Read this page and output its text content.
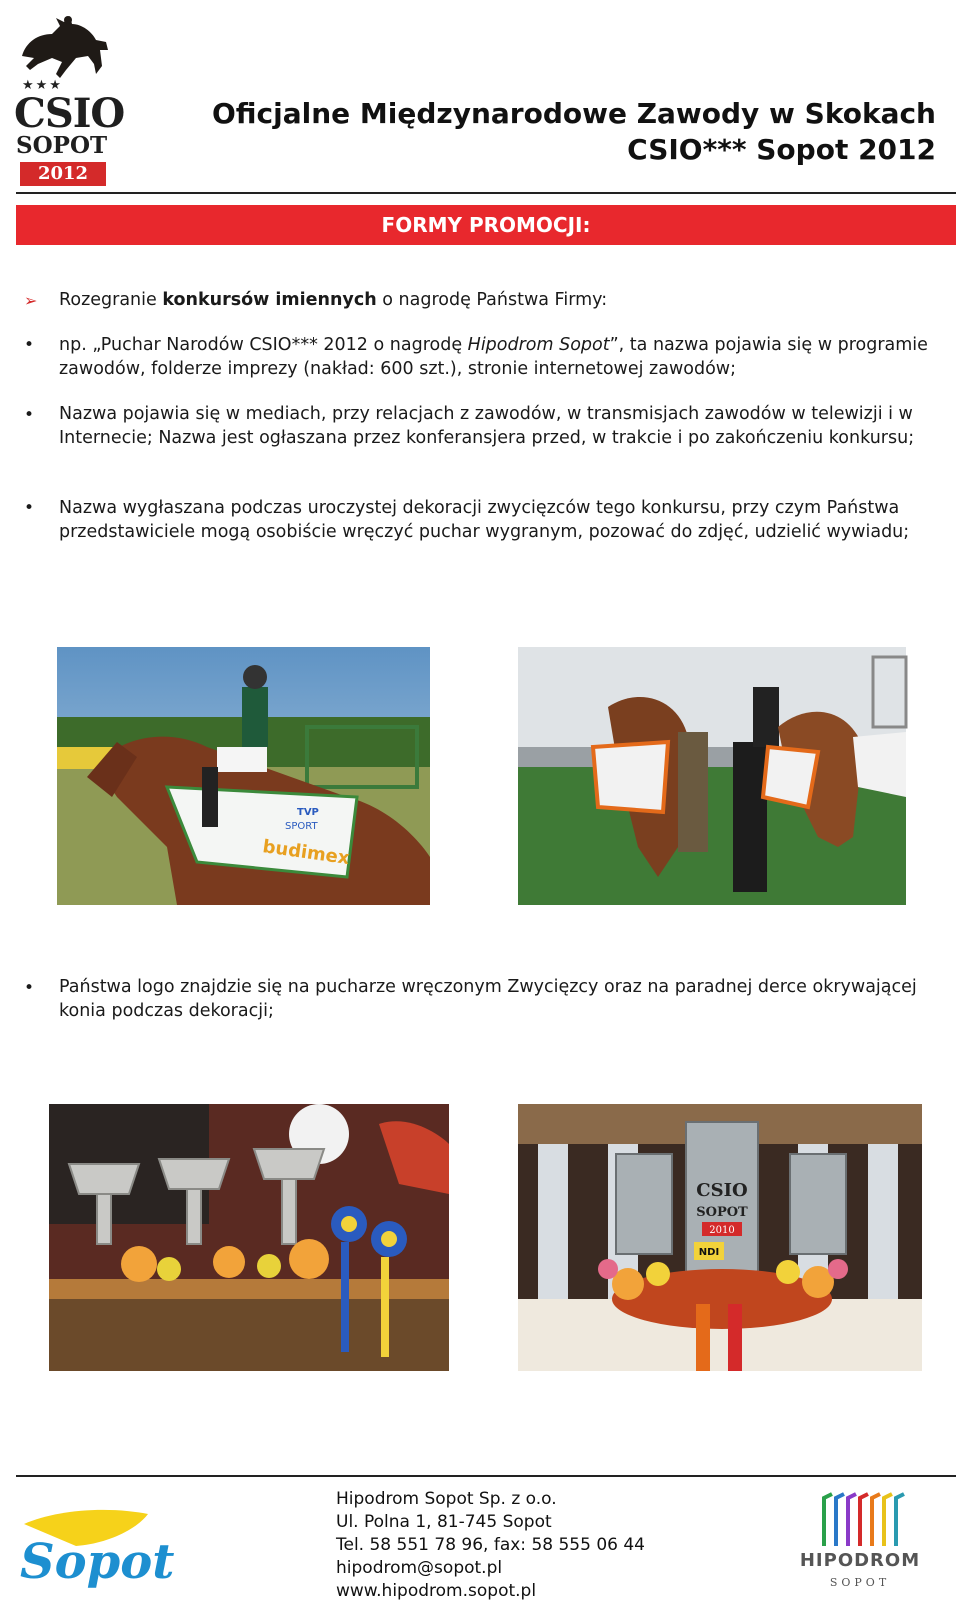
★★★
CSIO
SOPOT
2012
Oficjalne Międzynarodowe Zawody w Skokach
CSIO*** Sopot 2012
FORMY PROMOCJI:
➢ Rozegranie konkursów imiennych o nagrodę Państwa Firmy:
• np. „Puchar Narodów CSIO*** 2012 o nagrodę Hipodrom Sopot”, ta nazwa pojawia się w programie zawodów, folderze imprezy (nakład: 600 szt.), stronie internetowej zawodów;
• Nazwa pojawia się w mediach, przy relacjach z zawodów, w transmisjach zawodów w telewizji i w Internecie; Nazwa jest ogłaszana przez konferansjera przed, w trakcie i po zakończeniu konkursu;
• Nazwa wygłaszana podczas uroczystej dekoracji zwycięzców tego konkursu, przy czym Państwa przedstawiciele mogą osobiście wręczyć puchar wygranym, pozować do zdjęć, udzielić wywiadu;
TVP
SPORT
budimex
• Państwa logo znajdzie się na pucharze wręczonym Zwycięzcy oraz na paradnej derce okrywającej konia podczas dekoracji;
CSIO
SOPOT
2010
NDI
Sopot
Hipodrom Sopot Sp. z o.o.
Ul. Polna 1, 81-745 Sopot
Tel. 58 551 78 96, fax: 58 555 06 44
hipodrom@sopot.pl
www.hipodrom.sopot.pl
HIPODROM
SOPOT
